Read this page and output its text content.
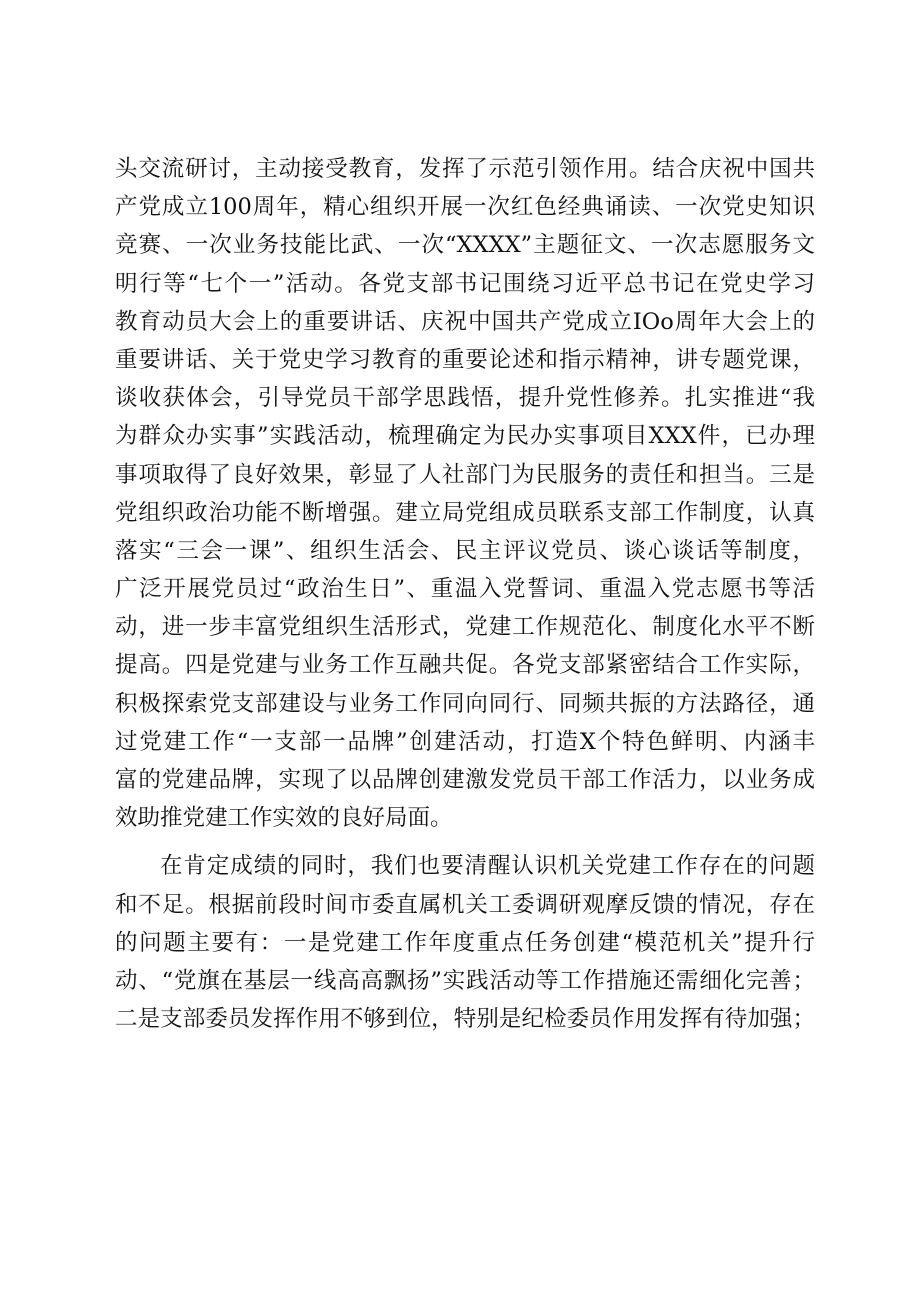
头交流研讨，主动接受教育，发挥了示范引领作用。结合庆祝中国共
产党成立100周年，精心组织开展一次红色经典诵读、一次党史知识
竞赛、一次业务技能比武、一次“XXXX”主题征文、一次志愿服务文
明行等“七个一”活动。各党支部书记围绕习近平总书记在党史学习
教育动员大会上的重要讲话、庆祝中国共产党成立IOo周年大会上的
重要讲话、关于党史学习教育的重要论述和指示精神，讲专题党课，
谈收获体会，引导党员干部学思践悟，提升党性修养。扎实推进“我
为群众办实事”实践活动，梳理确定为民办实事项目XXX件，已办理
事项取得了良好效果，彰显了人社部门为民服务的责任和担当。三是
党组织政治功能不断增强。建立局党组成员联系支部工作制度，认真
落实“三会一课”、组织生活会、民主评议党员、谈心谈话等制度，
广泛开展党员过“政治生日”、重温入党誓词、重温入党志愿书等活
动，进一步丰富党组织生活形式，党建工作规范化、制度化水平不断
提高。四是党建与业务工作互融共促。各党支部紧密结合工作实际，
积极探索党支部建设与业务工作同向同行、同频共振的方法路径，通
过党建工作“一支部一品牌”创建活动，打造X个特色鲜明、内涵丰
富的党建品牌，实现了以品牌创建激发党员干部工作活力，以业务成
效助推党建工作实效的良好局面。
在肯定成绩的同时，我们也要清醒认识机关党建工作存在的问题
和不足。根据前段时间市委直属机关工委调研观摩反馈的情况，存在
的问题主要有：一是党建工作年度重点任务创建“模范机关”提升行
动、“党旗在基层一线高高飘扬”实践活动等工作措施还需细化完善；
二是支部委员发挥作用不够到位，特别是纪检委员作用发挥有待加强；
